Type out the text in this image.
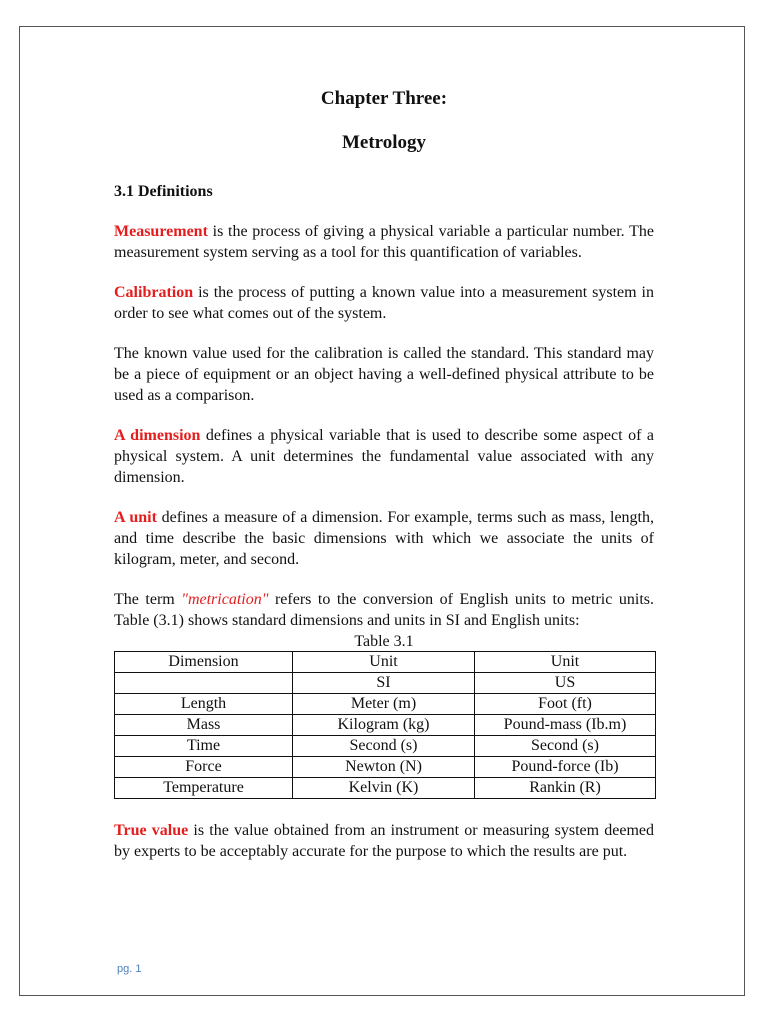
Chapter Three:
Metrology
3.1 Definitions

Measurement is the process of giving a physical variable a particular number. The measurement system serving as a tool for this quantification of variables.

Calibration is the process of putting a known value into a measurement system in order to see what comes out of the system.

The known value used for the calibration is called the standard. This standard may be a piece of equipment or an object having a well-defined physical attribute to be used as a comparison.

A dimension defines a physical variable that is used to describe some aspect of a physical system. A unit determines the fundamental value associated with any dimension.

A unit defines a measure of a dimension. For example, terms such as mass, length, and time describe the basic dimensions with which we associate the units of kilogram, meter, and second.

The term "metrication" refers to the conversion of English units to metric units. Table (3.1) shows standard dimensions and units in SI and English units:

Table 3.1
Dimension	Unit	Unit
	SI	US
Length	Meter (m)	Foot (ft)
Mass	Kilogram (kg)	Pound-mass (Ib.m)
Time	Second (s)	Second (s)
Force	Newton (N)	Pound-force (Ib)
Temperature	Kelvin (K)	Rankin (R)

True value is the value obtained from an instrument or measuring system deemed by experts to be acceptably accurate for the purpose to which the results are put.

pg. 1
